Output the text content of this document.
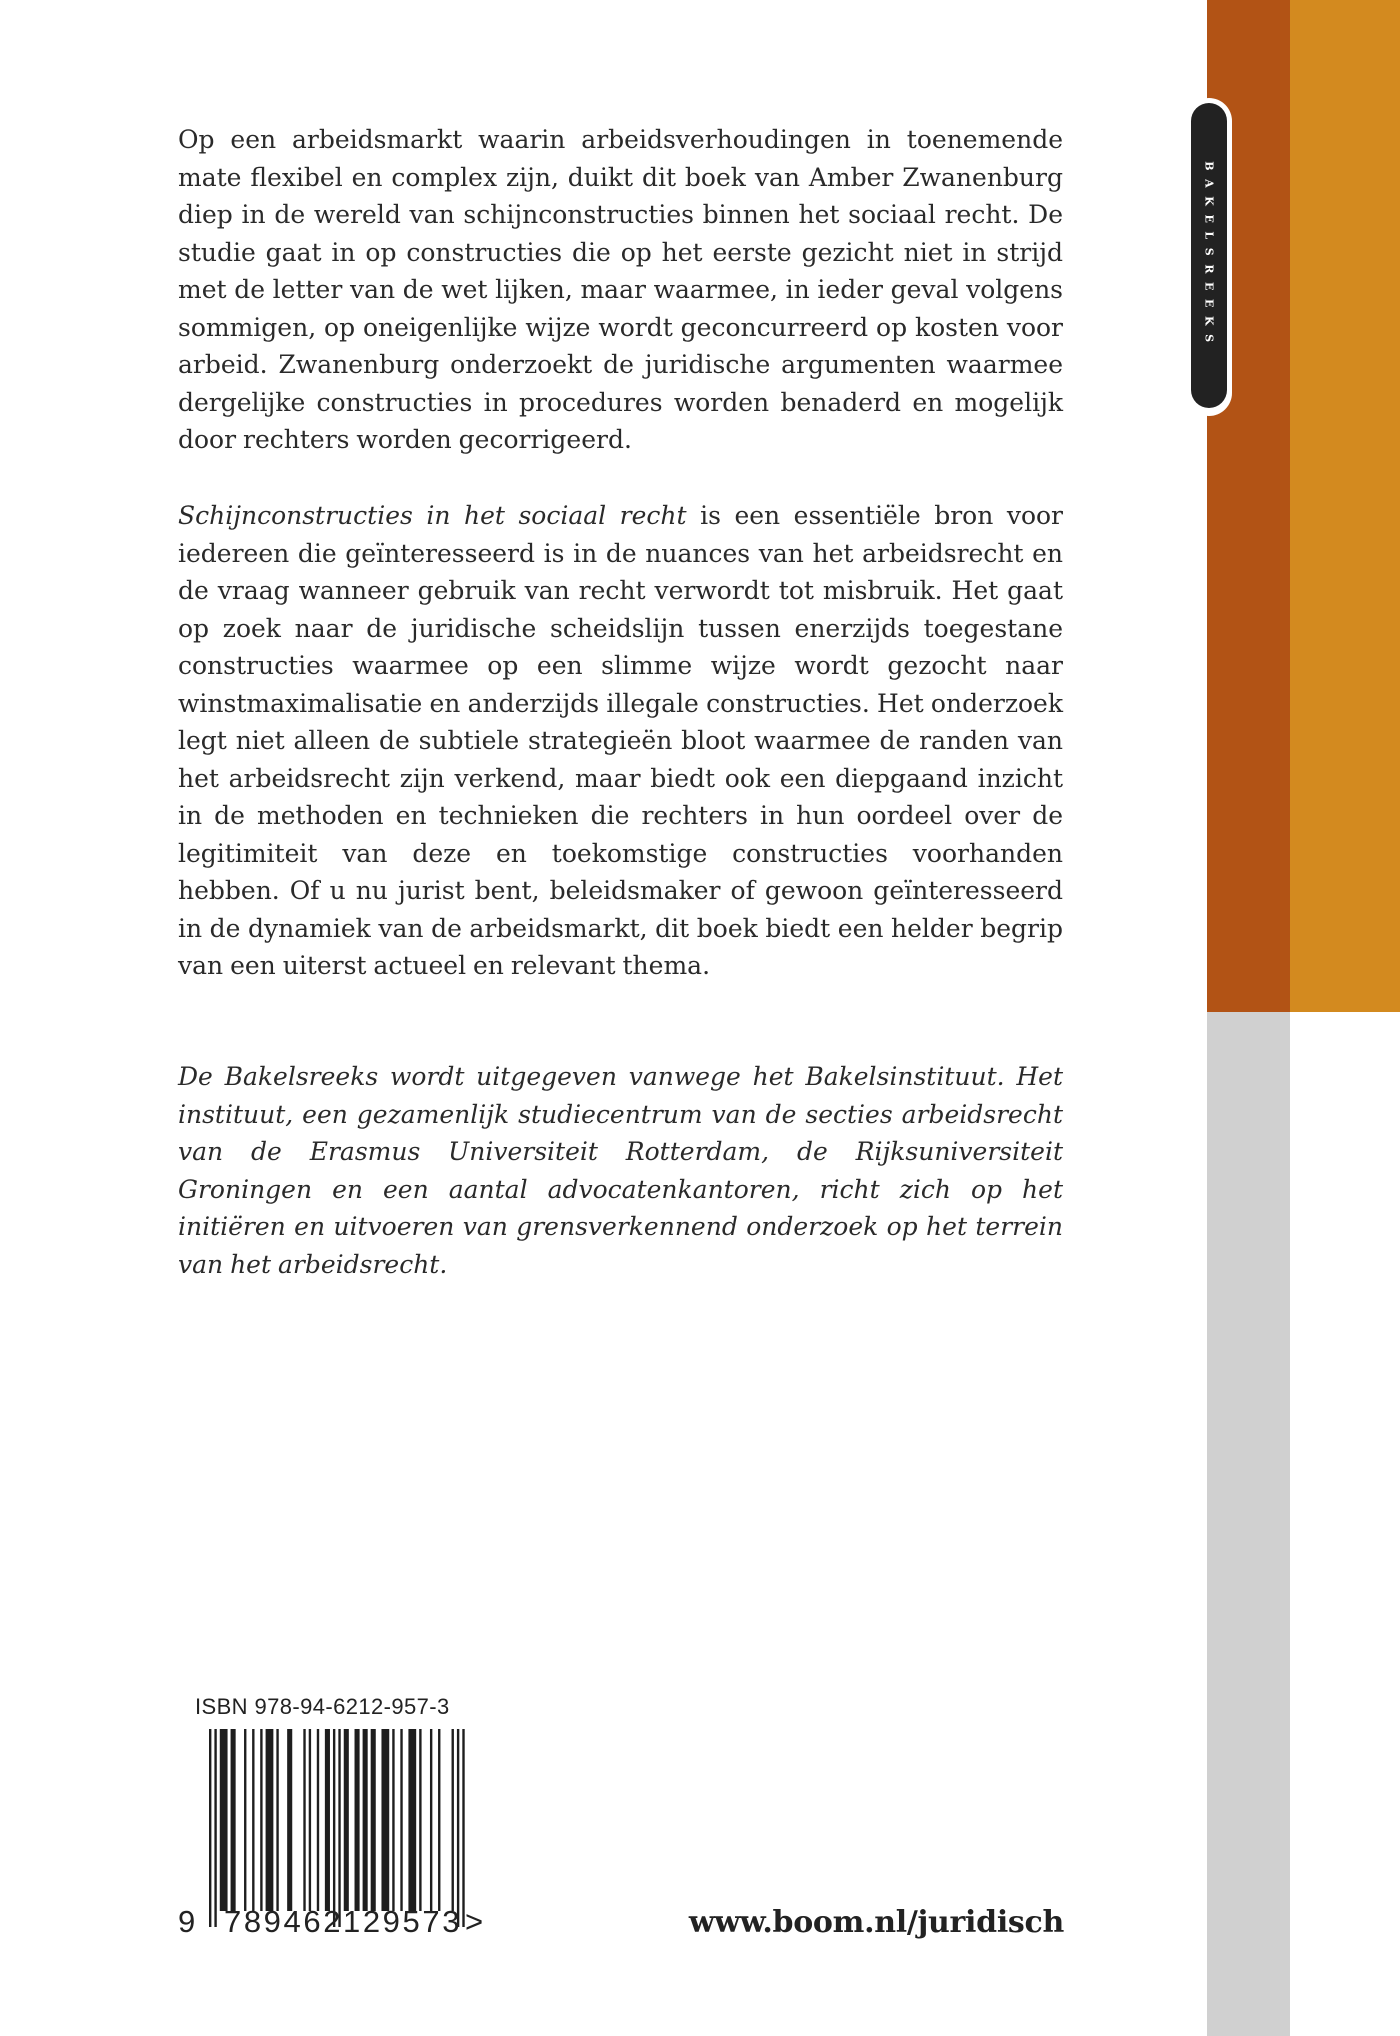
BAKELSREEKS

Op een arbeidsmarkt waarin arbeidsverhoudingen in toenemende mate flexibel en complex zijn, duikt dit boek van Amber Zwanenburg diep in de wereld van schijnconstructies binnen het sociaal recht. De studie gaat in op constructies die op het eerste gezicht niet in strijd met de letter van de wet lijken, maar waarmee, in ieder geval volgens sommigen, op oneigenlijke wijze wordt geconcurreerd op kosten voor arbeid. Zwanenburg onderzoekt de juridische argumenten waarmee dergelijke constructies in procedures worden benaderd en mogelijk door rechters worden gecorrigeerd.

Schijnconstructies in het sociaal recht is een essentiële bron voor iedereen die geïnteresseerd is in de nuances van het arbeidsrecht en de vraag wanneer gebruik van recht verwordt tot misbruik. Het gaat op zoek naar de juridische scheidslijn tussen enerzijds toegestane constructies waarmee op een slimme wijze wordt gezocht naar winstmaximalisatie en anderzijds illegale constructies. Het onderzoek legt niet alleen de subtiele strategieën bloot waarmee de randen van het arbeidsrecht zijn verkend, maar biedt ook een diepgaand inzicht in de methoden en technieken die rechters in hun oordeel over de legitimiteit van deze en toekomstige constructies voorhanden hebben. Of u nu jurist bent, beleidsmaker of gewoon geïnteresseerd in de dynamiek van de arbeidsmarkt, dit boek biedt een helder begrip van een uiterst actueel en relevant thema.

De Bakelsreeks wordt uitgegeven vanwege het Bakelsinstituut. Het instituut, een gezamenlijk studiecentrum van de secties arbeidsrecht van de Erasmus Universiteit Rotterdam, de Rijksuniversiteit Groningen en een aantal advocatenkantoren, richt zich op het initiëren en uitvoeren van grensverkennend onderzoek op het terrein van het arbeidsrecht.

ISBN 978-94-6212-957-3
9 789462 129573 >	www.boom.nl/juridisch
